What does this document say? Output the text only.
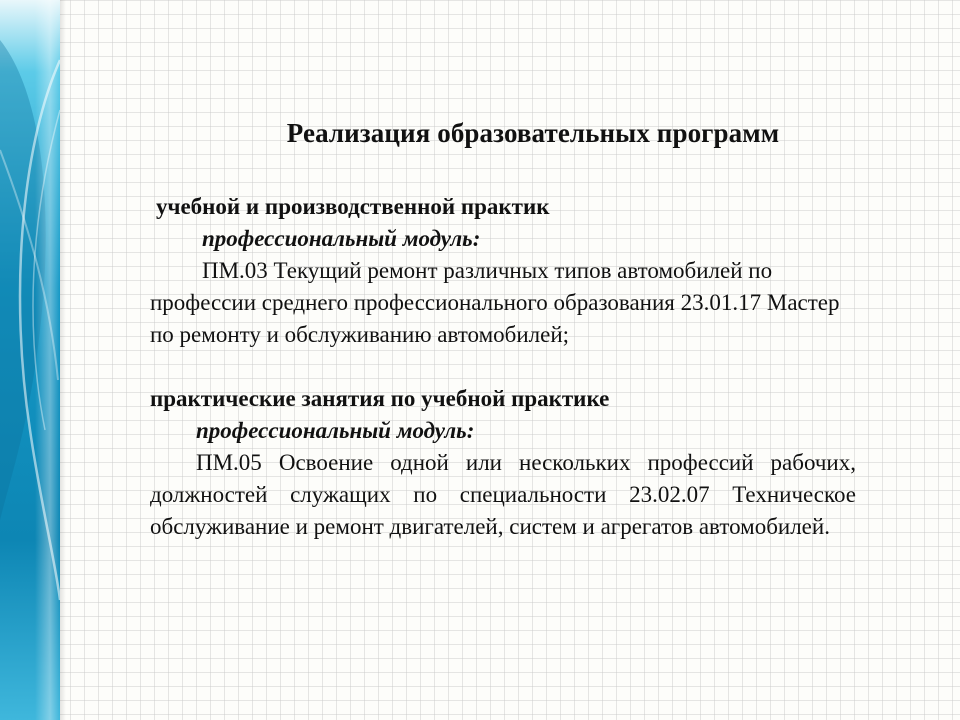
Реализация образовательных программ
учебной и производственной практик
профессиональный модуль:
ПМ.03 Текущий ремонт различных типов автомобилей по профессии среднего профессионального образования 23.01.17 Мастер по ремонту и обслуживанию автомобилей;
практические занятия по учебной практике
профессиональный модуль:
ПМ.05 Освоение одной или нескольких профессий рабочих, должностей служащих по специальности 23.02.07 Техническое обслуживание и ремонт двигателей, систем и агрегатов автомобилей.
